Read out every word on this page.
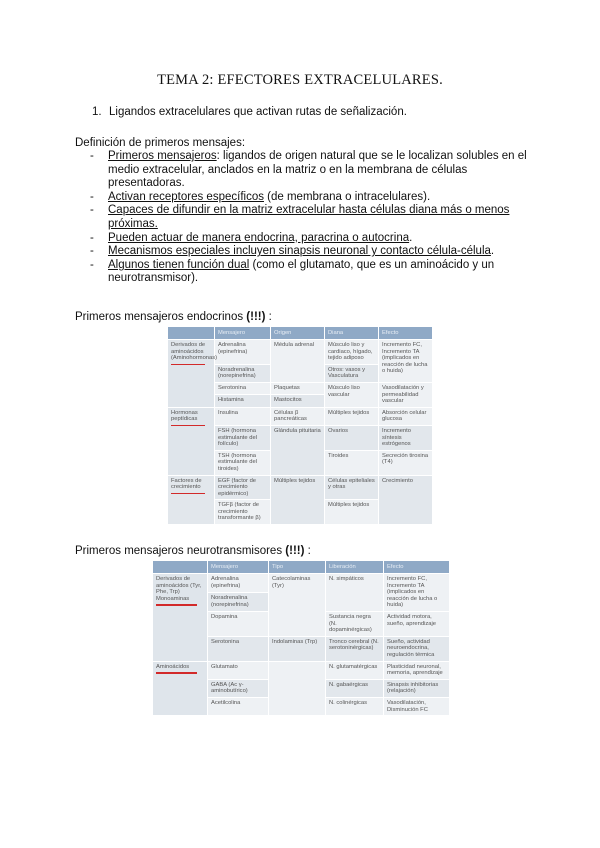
TEMA 2: EFECTORES EXTRACELULARES.
1. Ligandos extracelulares que activan rutas de señalización.
Definición de primeros mensajes:
- Primeros mensajeros: ligandos de origen natural que se le localizan solubles en el medio extracelular, anclados en la matriz o en la membrana de células presentadoras.
- Activan receptores específicos (de membrana o intracelulares).
- Capaces de difundir en la matriz extracelular hasta células diana más o menos próximas.
- Pueden actuar de manera endocrina, paracrina o autocrina.
- Mecanismos especiales incluyen sinapsis neuronal y contacto célula-célula.
- Algunos tienen función dual (como el glutamato, que es un aminoácido y un neurotransmisor).
Primeros mensajeros endocrinos (!!!) :
	Mensajero	Origen	Diana	Efecto
Derivados de aminoácidos (Aminohormonas)	Adrenalina (epinefrina)	Médula adrenal	Músculo liso y cardiaco, hígado, tejido adiposo	Incremento FC, Incremento TA (implicados en reacción de lucha o huida)
	Noradrenalina (norepinefrina)		Otros: vasos y Vasculatura	
	Serotonina	Plaquetas	Músculo liso vascular	Vasodilatación y permeabilidad vascular
	Histamina	Mastocitos		
Hormonas peptídicas	Insulina	Células β pancreáticas	Múltiples tejidos	Absorción celular glucosa
	FSH (hormona estimulante del folículo)	Glándula pituitaria	Ovarios	Incremento síntesis estrógenos
	TSH (hormona estimulante del tiroides)		Tiroides	Secreción tiroxina (T4)
Factores de crecimiento	EGF (factor de crecimiento epidérmico)	Múltiples tejidos	Células epiteliales y otras	Crecimiento
	TGFβ (factor de crecimiento transformante β)		Múltiples tejidos	
Primeros mensajeros neurotransmisores (!!!) :
	Mensajero	Tipo	Liberación	Efecto
Derivados de aminoácidos (Tyr, Phe, Trp) Monoaminas	Adrenalina (epinefrina)	Catecolaminas (Tyr)	N. simpáticos	Incremento FC, Incremento TA (implicados en reacción de lucha o huida)
	Noradrenalina (norepinefrina)			
	Dopamina		Sustancia negra (N. dopaminérgicas)	Actividad motora, sueño, aprendizaje
	Serotonina	Indolaminas (Trp)	Tronco cerebral (N. serotoninérgicas)	Sueño, actividad neuroendocrina, regulación térmica
Aminoácidos	Glutamato		N. glutamatérgicas	Plasticidad neuronal, memoria, aprendizaje
	GABA (Ac γ-aminobutírico)		N. gabaérgicas	Sinapsis inhibitorias (relajación)
	Acetilcolina		N. colinérgicas	Vasodilatación, Disminución FC
